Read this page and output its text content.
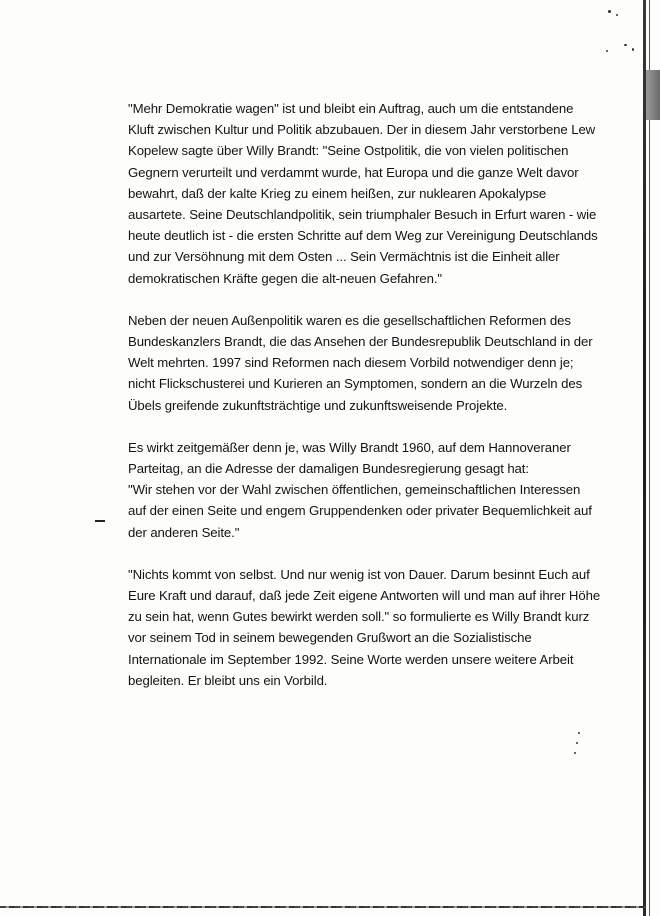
"Mehr Demokratie wagen" ist und bleibt ein Auftrag, auch um die entstandene
Kluft zwischen Kultur und Politik abzubauen. Der in diesem Jahr verstorbene Lew
Kopelew sagte über Willy Brandt: "Seine Ostpolitik, die von vielen politischen
Gegnern verurteilt und verdammt wurde, hat Europa und die ganze Welt davor
bewahrt, daß der kalte Krieg zu einem heißen, zur nuklearen Apokalypse
ausartete. Seine Deutschlandpolitik, sein triumphaler Besuch in Erfurt waren - wie
heute deutlich ist - die ersten Schritte auf dem Weg zur Vereinigung Deutschlands
und zur Versöhnung mit dem Osten ... Sein Vermächtnis ist die Einheit aller
demokratischen Kräfte gegen die alt-neuen Gefahren."

Neben der neuen Außenpolitik waren es die gesellschaftlichen Reformen des
Bundeskanzlers Brandt, die das Ansehen der Bundesrepublik Deutschland in der
Welt mehrten. 1997 sind Reformen nach diesem Vorbild notwendiger denn je;
nicht Flickschusterei und Kurieren an Symptomen, sondern an die Wurzeln des
Übels greifende zukunftsträchtige und zukunftsweisende Projekte.

Es wirkt zeitgemäßer denn je, was Willy Brandt 1960, auf dem Hannoveraner
Parteitag, an die Adresse der damaligen Bundesregierung gesagt hat:
"Wir stehen vor der Wahl zwischen öffentlichen, gemeinschaftlichen Interessen
auf der einen Seite und engem Gruppendenken oder privater Bequemlichkeit auf
der anderen Seite."

"Nichts kommt von selbst. Und nur wenig ist von Dauer. Darum besinnt Euch auf
Eure Kraft und darauf, daß jede Zeit eigene Antworten will und man auf ihrer Höhe
zu sein hat, wenn Gutes bewirkt werden soll." so formulierte es Willy Brandt kurz
vor seinem Tod in seinem bewegenden Grußwort an die Sozialistische
Internationale im September 1992. Seine Worte werden unsere weitere Arbeit
begleiten. Er bleibt uns ein Vorbild.
